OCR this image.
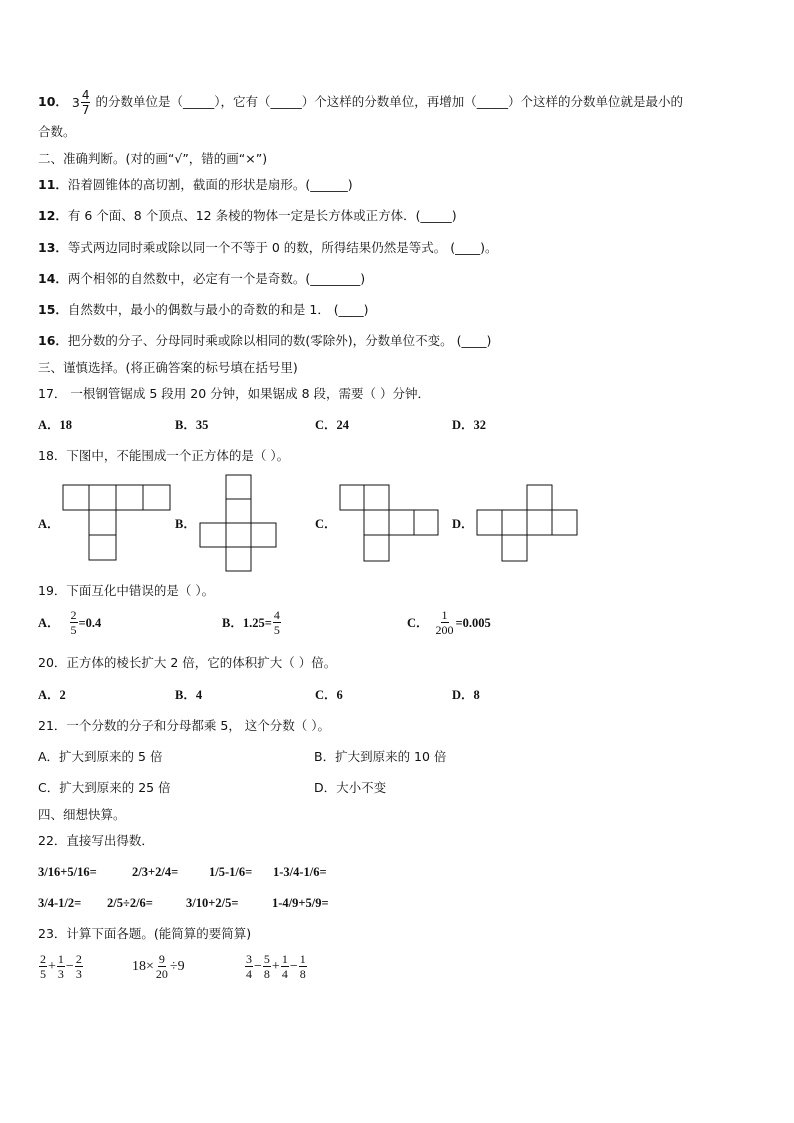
10． $3 \frac{4}{7}$ 的分数单位是（_____），它有（_____）个这样的分数单位，再增加（_____）个这样的分数单位就是最小的
合数。
二、准确判断。(对的画“√”，错的画“×”)
11．沿着圆锥体的高切割，截面的形状是扇形。(______)
12．有 6 个面、8 个顶点、12 条棱的物体一定是长方体或正方体．(_____)
13．等式两边同时乘或除以同一个不等于 0 的数，所得结果仍然是等式。 (____)。
14．两个相邻的自然数中，必定有一个是奇数。(________)
15．自然数中，最小的偶数与最小的奇数的和是 1． (____)
16．把分数的分子、分母同时乘或除以相同的数(零除外)，分数单位不变。 (____)
三、谨慎选择。(将正确答案的标号填在括号里)
17． 一根钢管锯成 5 段用 20 分钟，如果锯成 8 段，需要（ ）分钟．
A．18	B．35	C．24	D．32
18．下图中，不能围成一个正方体的是（ ）。
A．	B．	C．	D．
19．下面互化中错误的是（ ）。
A． $\frac{2}{5} =0.4$	B．$1.25= \frac{4}{5}$	C． $\frac{1}{200} =0.005$
20．正方体的棱长扩大 2 倍，它的体积扩大（ ）倍。
A．2	B．4	C．6	D．8
21．一个分数的分子和分母都乘 5， 这个分数（ ）。
A．扩大到原来的 5 倍	B．扩大到原来的 10 倍
C．扩大到原来的 25 倍	D．大小不变
四、细想快算。
22．直接写出得数．
3/16+5/16=	2/3+2/4= 1/5-1/6= 1-3/4-1/6=
3/4-1/2= 2/5÷2/6=	3/10+2/5=	1-4/9+5/9=
23．计算下面各题。(能简算的要简算)
$\frac{2}{5} + \frac{1}{3} - \frac{2}{3}$	$18\times \frac{9}{20} \div 9$	$\frac{3}{4} - \frac{5}{8} + \frac{1}{4} - \frac{1}{8}$
